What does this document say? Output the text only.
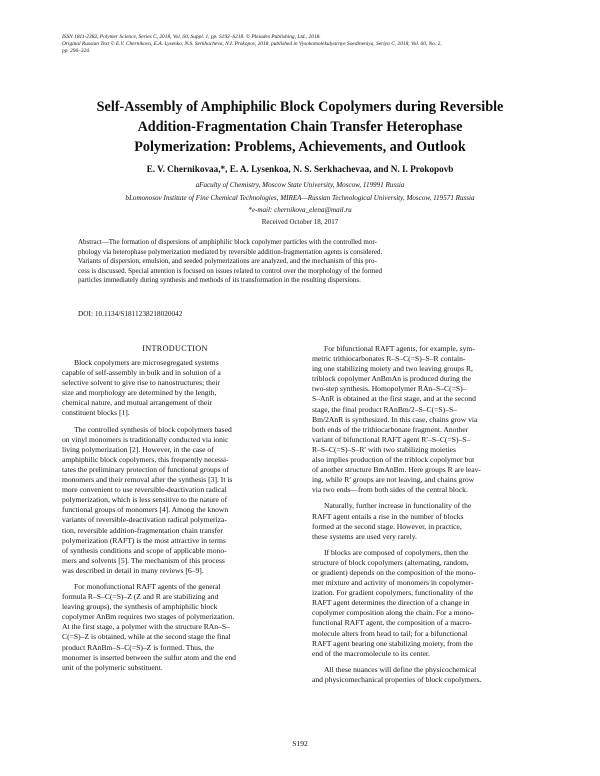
ISSN 1811-2382, Polymer Science, Series C, 2018, Vol. 60, Suppl. 1, pp. S192–S218. © Pleiades Publishing, Ltd., 2018.
Original Russian Text © E.V. Chernikova, E.A. Lysenko, N.S. Serkhacheva, N.I. Prokopov, 2018, published in Vysokomolekulyarnye Soedineniya, Seriya C, 2018, Vol. 60, No. 2,
pp. 296–324.
Self-Assembly of Amphiphilic Block Copolymers during Reversible
Addition-Fragmentation Chain Transfer Heterophase
Polymerization: Problems, Achievements, and Outlook
E. V. Chernikovaa,*, E. A. Lysenkoa, N. S. Serkhachevaa, and N. I. Prokopovb
aFaculty of Chemistry, Moscow State University, Moscow, 119991 Russia
bLomonosov Institute of Fine Chemical Technologies, MIREA—Russian Technological University, Moscow, 119571 Russia
*e-mail: chernikova_elena@mail.ru
Received October 18, 2017
Abstract—The formation of dispersions of amphiphilic block copolymer particles with the controlled mor-
phology via heterophase polymerization mediated by reversible addition-fragmentation agents is considered.
Variants of dispersion, emulsion, and seeded polymerizations are analyzed, and the mechanism of this pro-
cess is discussed. Special attention is focused on issues related to control over the morphology of the formed
particles immediately during synthesis and methods of its transformation in the resulting dispersions.
DOI: 10.1134/S1811238218020042
INTRODUCTION
Block copolymers are microsegregated systems
capable of self-assembly in bulk and in solution of a
selective solvent to give rise to nanostructures; their
size and morphology are determined by the length,
chemical nature, and mutual arrangement of their
constituent blocks [1].
The controlled synthesis of block copolymers based
on vinyl monomers is traditionally conducted via ionic
living polymerization [2]. However, in the case of
amphiphilic block copolymers, this frequently necessi-
tates the preliminary protection of functional groups of
monomers and their removal after the synthesis [3]. It is
more convenient to use reversible-deactivation radical
polymerization, which is less sensitive to the nature of
functional groups of monomers [4]. Among the known
variants of reversible-deactivation radical polymeriza-
tion, reversible addition-fragmentation chain transfer
polymerization (RAFT) is the most attractive in terms
of synthesis conditions and scope of applicable mono-
mers and solvents [5]. The mechanism of this process
was described in detail in many reviews [6–9].
For monofunctional RAFT agents of the general
formula R–S–C(=S)–Z (Z and R are stabilizing and
leaving groups), the synthesis of amphiphilic block
copolymer AnBm requires two stages of polymerization.
At the first stage, a polymer with the structure RAn–S–
C(=S)–Z is obtained, while at the second stage the final
product RAnBm–S–C(=S)–Z is formed. Thus, the
monomer is inserted between the sulfur atom and the end
unit of the polymeric substituent.
For bifunctional RAFT agents, for example, sym-
metric trithiocarbonates R–S–C(=S)–S–R contain-
ing one stabilizing moiety and two leaving groups R,
triblock copolymer AnBmAn is produced during the
two-step synthesis. Homopolymer RAn–S–C(=S)–
S–AnR is obtained at the first stage, and at the second
stage, the final product RAnBm/2–S–C(=S)–S–
Bm/2AnR is synthesized. In this case, chains grow via
both ends of the trithiocarbonate fragment. Another
variant of bifunctional RAFT agent R′–S–C(=S)–S–
R–S–C(=S)–S–R′ with two stabilizing moieties
also implies production of the triblock copolymer but
of another structure BmAnBm. Here groups R are leav-
ing, while R′ groups are not leaving, and chains grow
via two ends—from both sides of the central block.
Naturally, further increase in functionality of the
RAFT agent entails a rise in the number of blocks
formed at the second stage. However, in practice,
these systems are used very rarely.
If blocks are composed of copolymers, then the
structure of block copolymers (alternating, random,
or gradient) depends on the composition of the mono-
mer mixture and activity of monomers in copolymer-
ization. For gradient copolymers, functionality of the
RAFT agent determines the direction of a change in
copolymer composition along the chain. For a mono-
functional RAFT agent, the composition of a macro-
molecule alters from head to tail; for a bifunctional
RAFT agent bearing one stabilizing moiety, from the
end of the macromolecule to its center.
All these nuances will define the physicochemical
and physicomechanical properties of block copolymers.
S192
